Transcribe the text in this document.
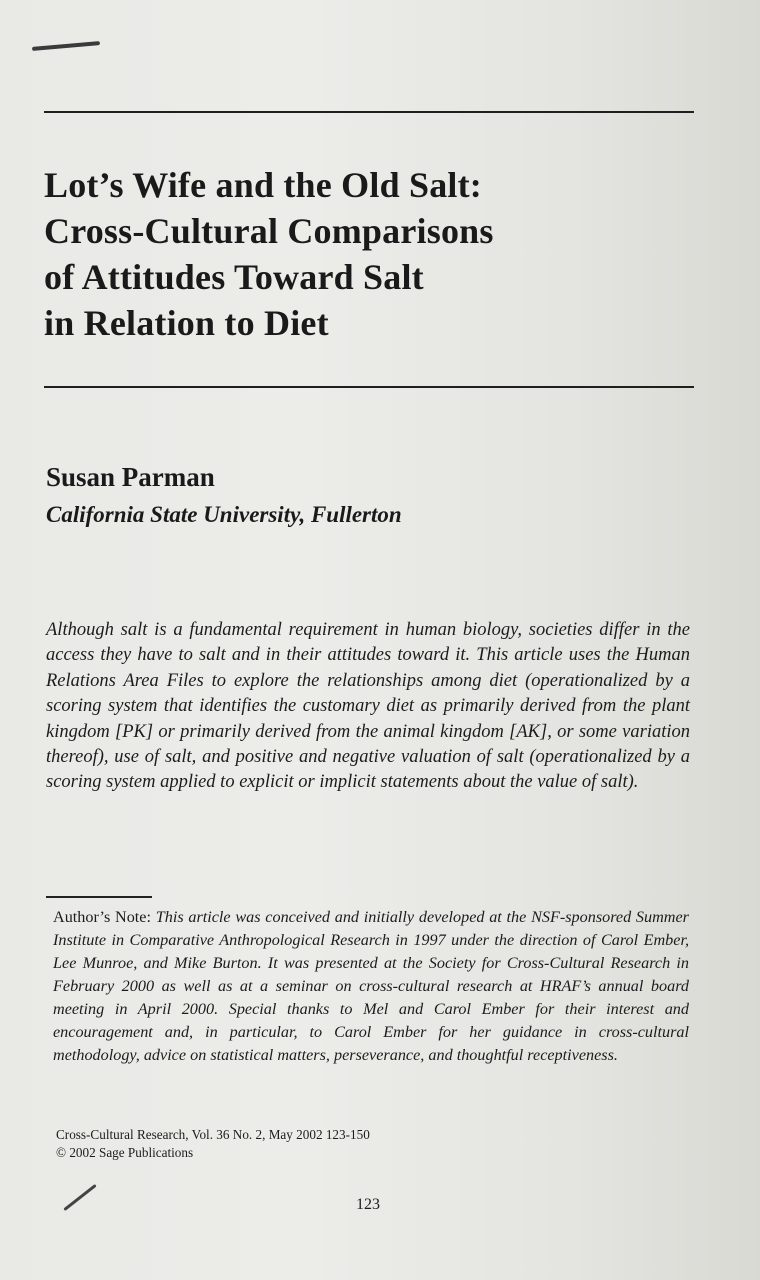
Lot’s Wife and the Old Salt:
Cross-Cultural Comparisons
of Attitudes Toward Salt
in Relation to Diet

Susan Parman

California State University, Fullerton

Although salt is a fundamental requirement in human biology, societies differ in the access they have to salt and in their attitudes toward it. This article uses the Human Relations Area Files to explore the relationships among diet (operationalized by a scoring system that identifies the customary diet as primarily derived from the plant kingdom [PK] or primarily derived from the animal kingdom [AK], or some variation thereof), use of salt, and positive and negative valuation of salt (operationalized by a scoring system applied to explicit or implicit statements about the value of salt).

Author’s Note: This article was conceived and initially developed at the NSF-sponsored Summer Institute in Comparative Anthropological Research in 1997 under the direction of Carol Ember, Lee Munroe, and Mike Burton. It was presented at the Society for Cross-Cultural Research in February 2000 as well as at a seminar on cross-cultural research at HRAF’s annual board meeting in April 2000. Special thanks to Mel and Carol Ember for their interest and encouragement and, in particular, to Carol Ember for her guidance in cross-cultural methodology, advice on statistical matters, perseverance, and thoughtful receptiveness.

Cross-Cultural Research, Vol. 36 No. 2, May 2002 123-150
© 2002 Sage Publications

123
